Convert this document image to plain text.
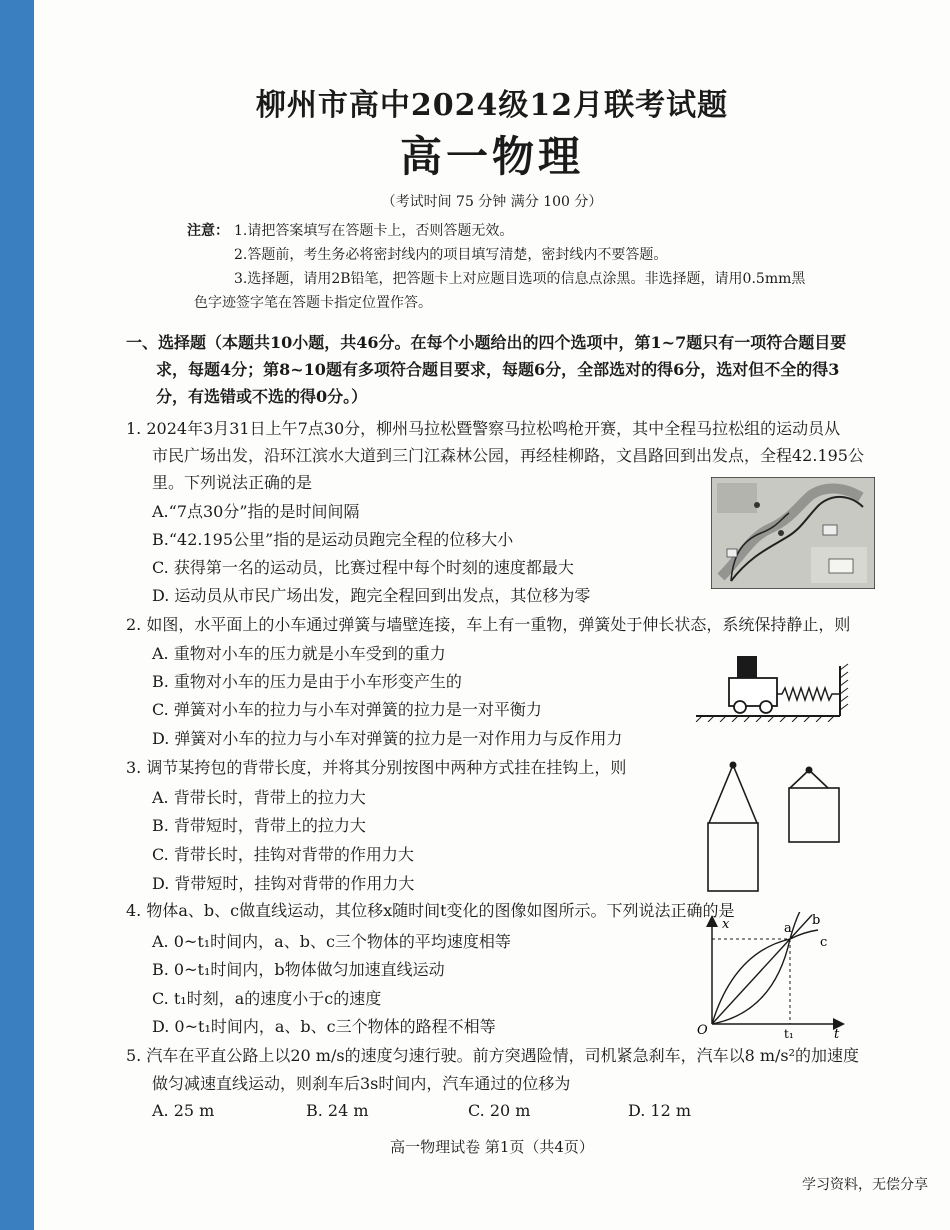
柳州市高中2024级12月联考试题
高一物理
（考试时间 75 分钟 满分 100 分）
注意： 1.请把答案填写在答题卡上，否则答题无效。
2.答题前，考生务必将密封线内的项目填写清楚，密封线内不要答题。
3.选择题，请用2B铅笔，把答题卡上对应题目选项的信息点涂黑。非选择题，请用0.5mm黑
色字迹签字笔在答题卡指定位置作答。
一、选择题（本题共10小题，共46分。在每个小题给出的四个选项中，第1~7题只有一项符合题目要
求，每题4分；第8~10题有多项符合题目要求，每题6分，全部选对的得6分，选对但不全的得3
分，有选错或不选的得0分。）
1. 2024年3月31日上午7点30分，柳州马拉松暨警察马拉松鸣枪开赛，其中全程马拉松组的运动员从
市民广场出发，沿环江滨水大道到三门江森林公园，再经桂柳路，文昌路回到出发点，全程42.195公
里。下列说法正确的是
A.“7点30分”指的是时间间隔
B.“42.195公里”指的是运动员跑完全程的位移大小
C. 获得第一名的运动员，比赛过程中每个时刻的速度都最大
D. 运动员从市民广场出发，跑完全程回到出发点，其位移为零
2. 如图，水平面上的小车通过弹簧与墙壁连接，车上有一重物，弹簧处于伸长状态，系统保持静止，则
A. 重物对小车的压力就是小车受到的重力
B. 重物对小车的压力是由于小车形变产生的
C. 弹簧对小车的拉力与小车对弹簧的拉力是一对平衡力
D. 弹簧对小车的拉力与小车对弹簧的拉力是一对作用力与反作用力
3. 调节某挎包的背带长度，并将其分别按图中两种方式挂在挂钩上，则
A. 背带长时，背带上的拉力大
B. 背带短时，背带上的拉力大
C. 背带长时，挂钩对背带的作用力大
D. 背带短时，挂钩对背带的作用力大
4. 物体a、b、c做直线运动，其位移x随时间t变化的图像如图所示。下列说法正确的是
A. 0~t₁时间内，a、b、c三个物体的平均速度相等
B. 0~t₁时间内，b物体做匀加速直线运动
C. t₁时刻，a的速度小于c的速度
D. 0~t₁时间内，a、b、c三个物体的路程不相等
x
t
O	t₁
a
b
c
5. 汽车在平直公路上以20 m/s的速度匀速行驶。前方突遇险情，司机紧急刹车，汽车以8 m/s²的加速度
做匀减速直线运动，则刹车后3s时间内，汽车通过的位移为
A. 25 m	B. 24 m	C. 20 m	D. 12 m
高一物理试卷 第1页（共4页）
学习资料，无偿分享
